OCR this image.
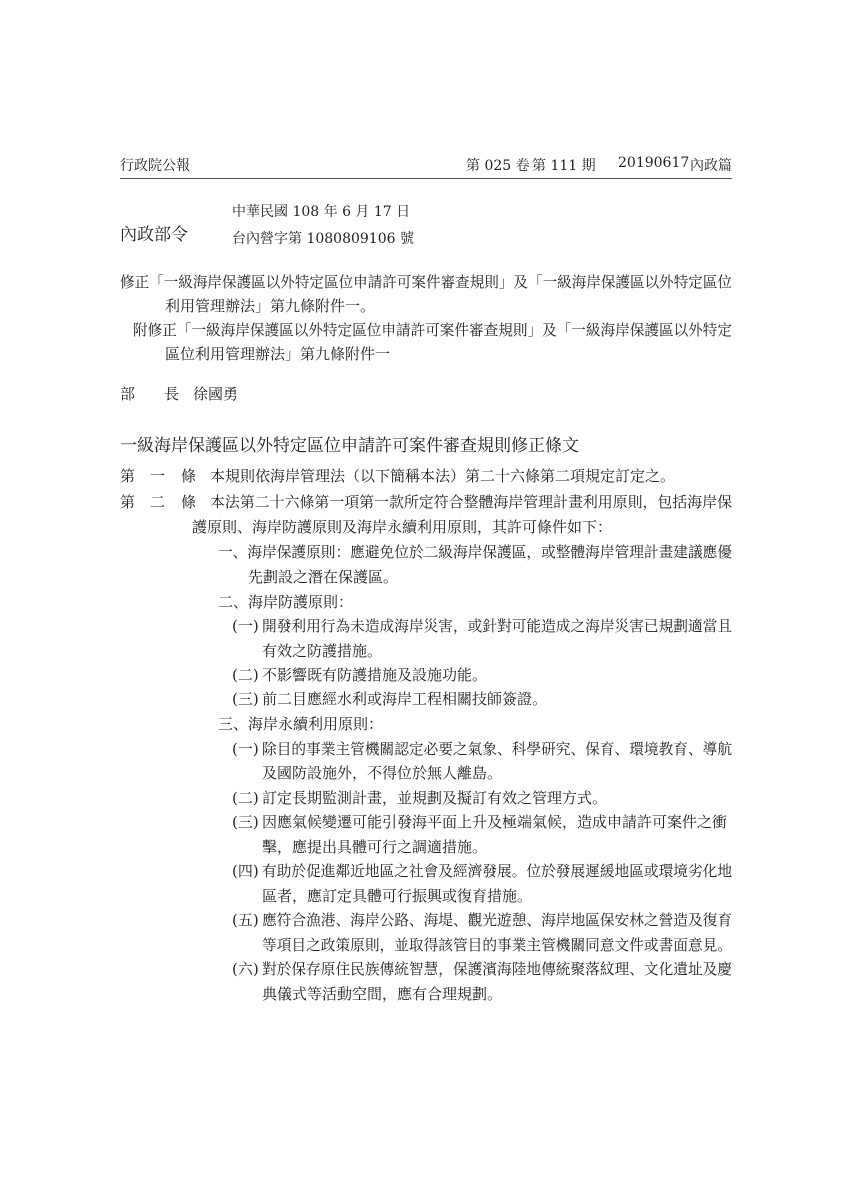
行政院公報	第 025 卷 第 111 期 20190617 內政篇
內政部令
中華民國 108 年 6 月 17 日
台內營字第 1080809106 號
修正「一級海岸保護區以外特定區位申請許可案件審查規則」及「一級海岸保護區以外特定區位
利用管理辦法」第九條附件一。
附修正「一級海岸保護區以外特定區位申請許可案件審查規則」及「一級海岸保護區以外特定
區位利用管理辦法」第九條附件一
部 長 徐國勇
一級海岸保護區以外特定區位申請許可案件審查規則修正條文
第 一 條 本規則依海岸管理法（以下簡稱本法）第二十六條第二項規定訂定之。
第 二 條 本法第二十六條第一項第一款所定符合整體海岸管理計畫利用原則，包括海岸保
護原則、海岸防護原則及海岸永續利用原則，其許可條件如下：
一、海岸保護原則：應避免位於二級海岸保護區，或整體海岸管理計畫建議應優
先劃設之潛在保護區。
二、海岸防護原則：
(一) 開發利用行為未造成海岸災害，或針對可能造成之海岸災害已規劃適當且
有效之防護措施。
(二) 不影響既有防護措施及設施功能。
(三) 前二目應經水利或海岸工程相關技師簽證。
三、海岸永續利用原則：
(一) 除目的事業主管機關認定必要之氣象、科學研究、保育、環境教育、導航
及國防設施外，不得位於無人離島。
(二) 訂定長期監測計畫，並規劃及擬訂有效之管理方式。
(三) 因應氣候變遷可能引發海平面上升及極端氣候，造成申請許可案件之衝
擊，應提出具體可行之調適措施。
(四) 有助於促進鄰近地區之社會及經濟發展。位於發展遲緩地區或環境劣化地
區者，應訂定具體可行振興或復育措施。
(五) 應符合漁港、海岸公路、海堤、觀光遊憩、海岸地區保安林之營造及復育
等項目之政策原則，並取得該管目的事業主管機關同意文件或書面意見。
(六) 對於保存原住民族傳統智慧，保護濱海陸地傳統聚落紋理、文化遺址及慶
典儀式等活動空間，應有合理規劃。
